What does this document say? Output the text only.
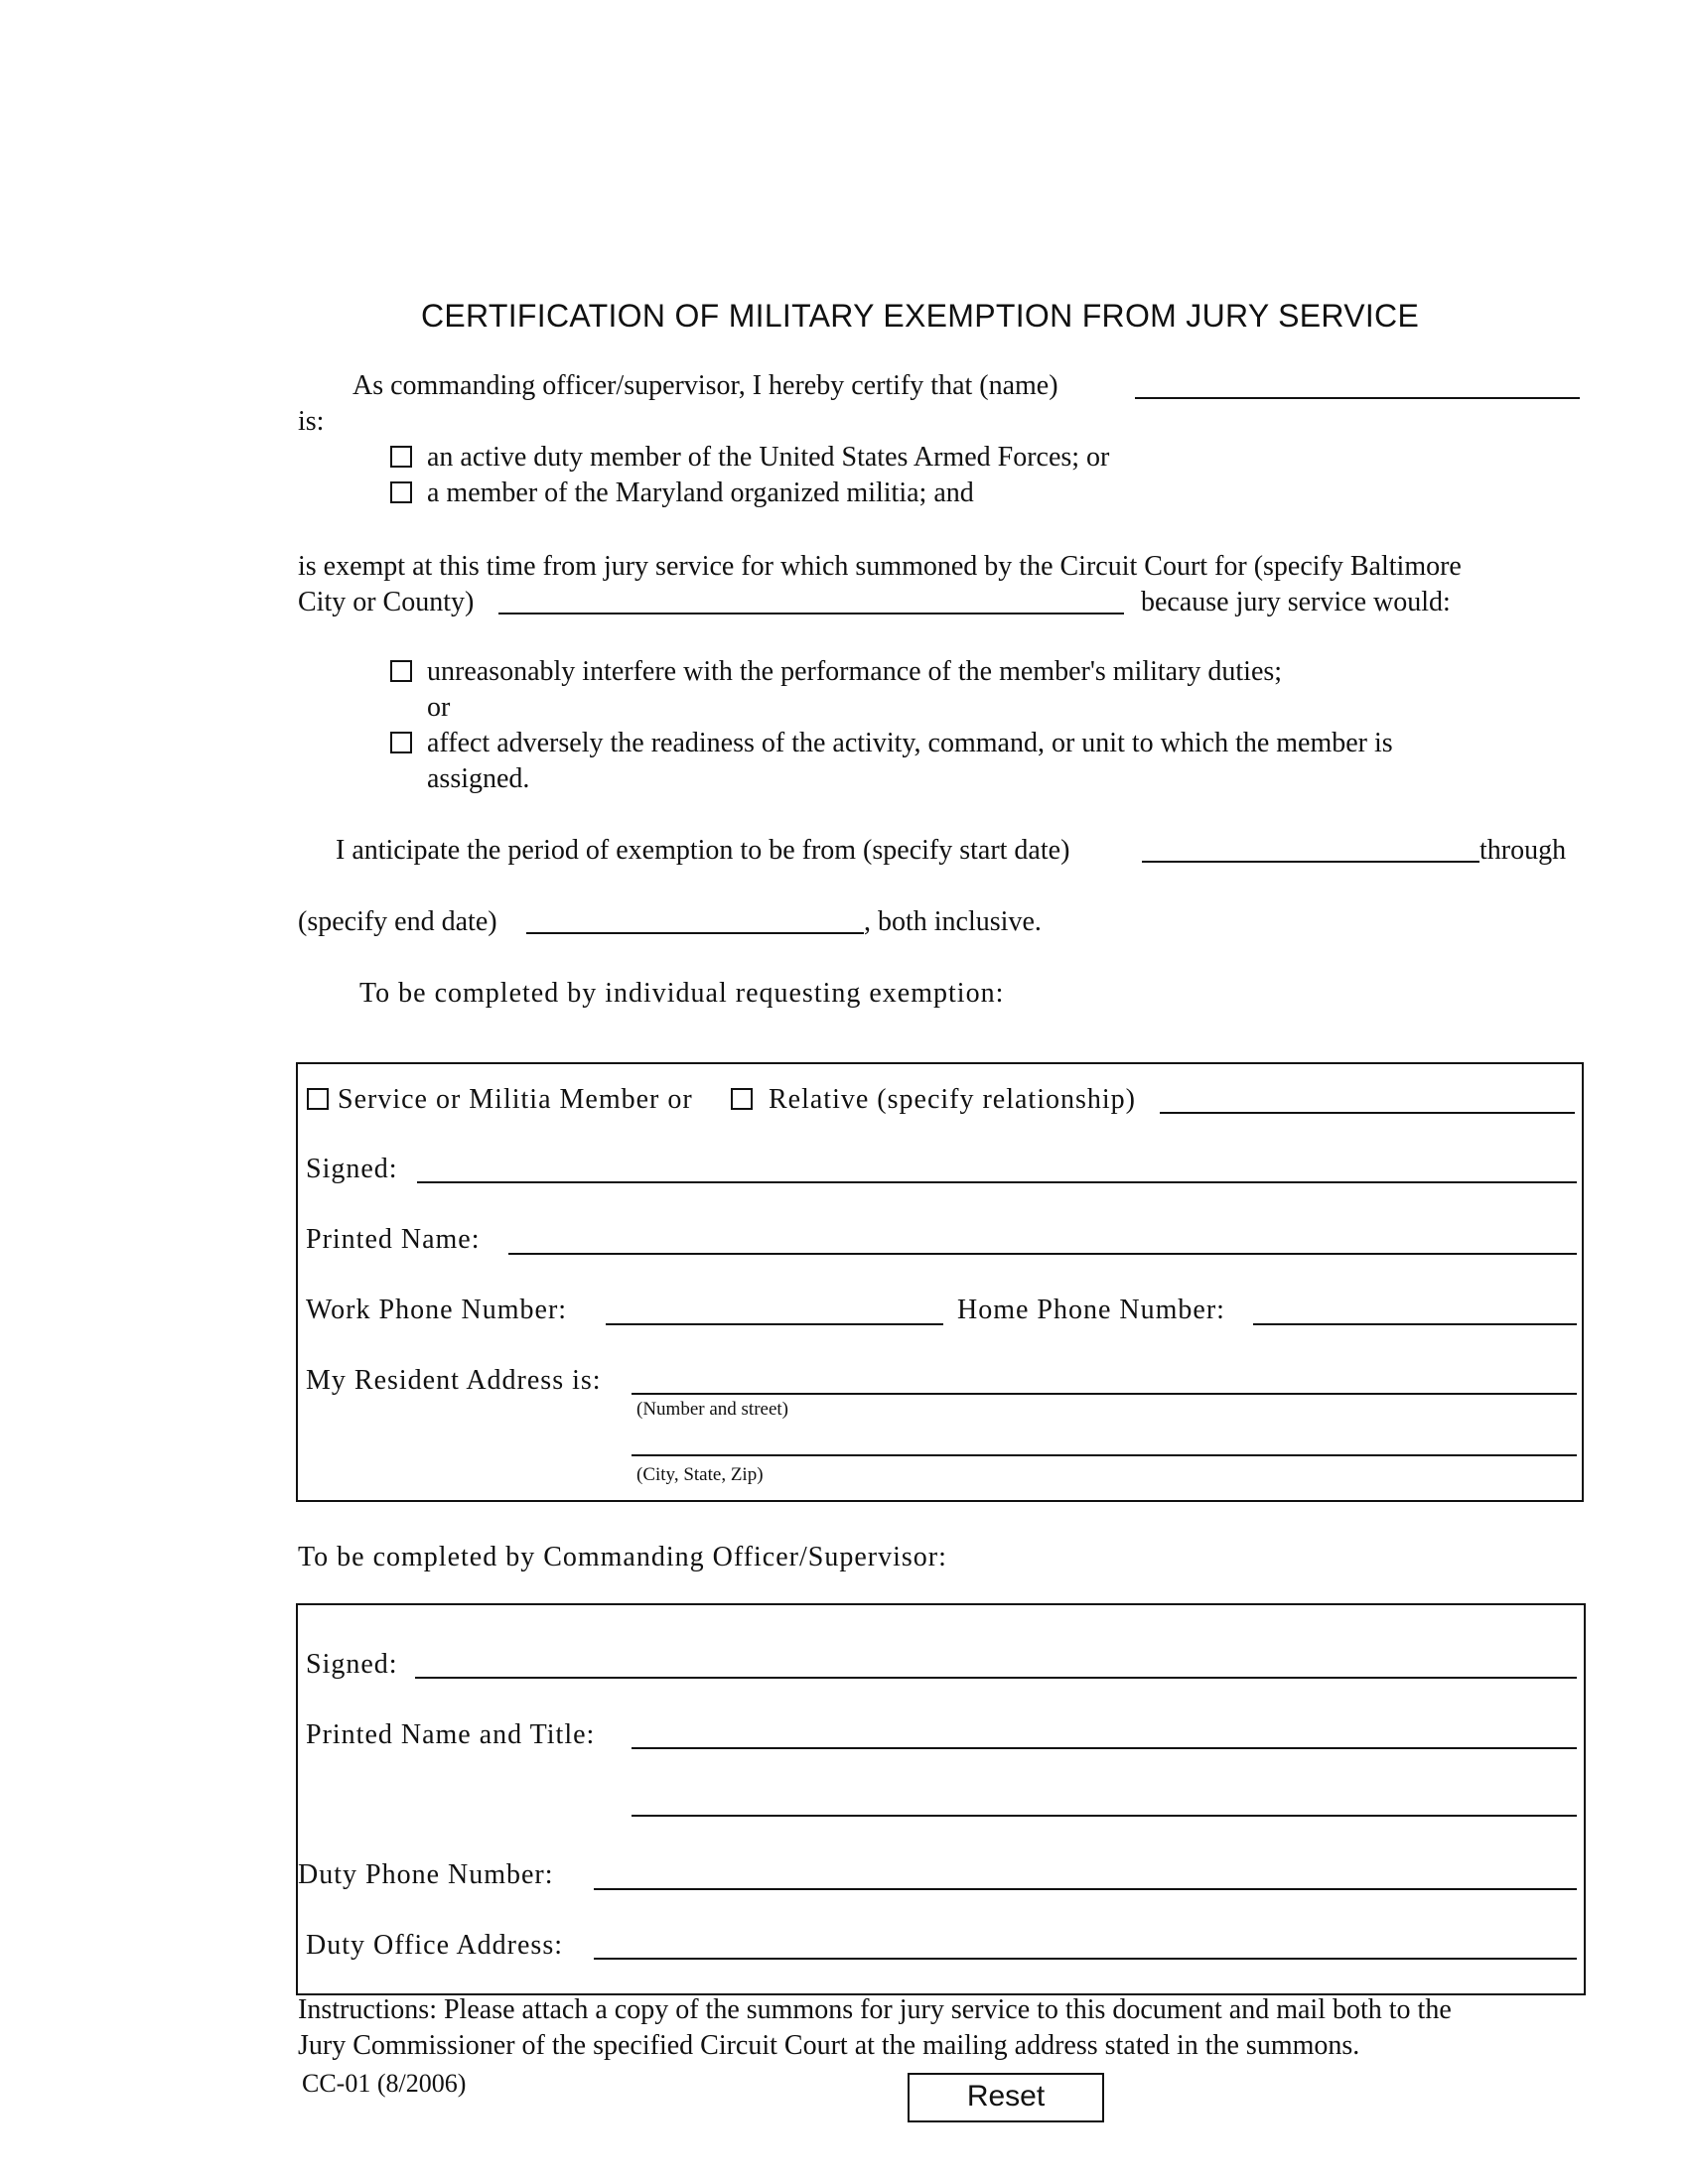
CERTIFICATION OF MILITARY EXEMPTION FROM JURY SERVICE
As commanding officer/supervisor, I hereby certify that (name)
is:
an active duty member of the United States Armed Forces; or
a member of the Maryland organized militia; and
is exempt at this time from jury service for which summoned by the Circuit Court for (specify Baltimore
City or County)	because jury service would:
unreasonably interfere with the performance of the member's military duties;
or
affect adversely the readiness of the activity, command, or unit to which the member is
assigned.
I anticipate the period of exemption to be from (specify start date)	through
(specify end date)	, both inclusive.
To be completed by individual requesting exemption:
Service or Militia Member or	Relative (specify relationship)
Signed:
Printed Name:
Work Phone Number:	Home Phone Number:
My Resident Address is:
(Number and street)
(City, State, Zip)
To be completed by Commanding Officer/Supervisor:
Signed:
Printed Name and Title:
Duty Phone Number:
Duty Office Address:
Instructions: Please attach a copy of the summons for jury service to this document and mail both to the
Jury Commissioner of the specified Circuit Court at the mailing address stated in the summons.
CC-01 (8/2006)	Reset
